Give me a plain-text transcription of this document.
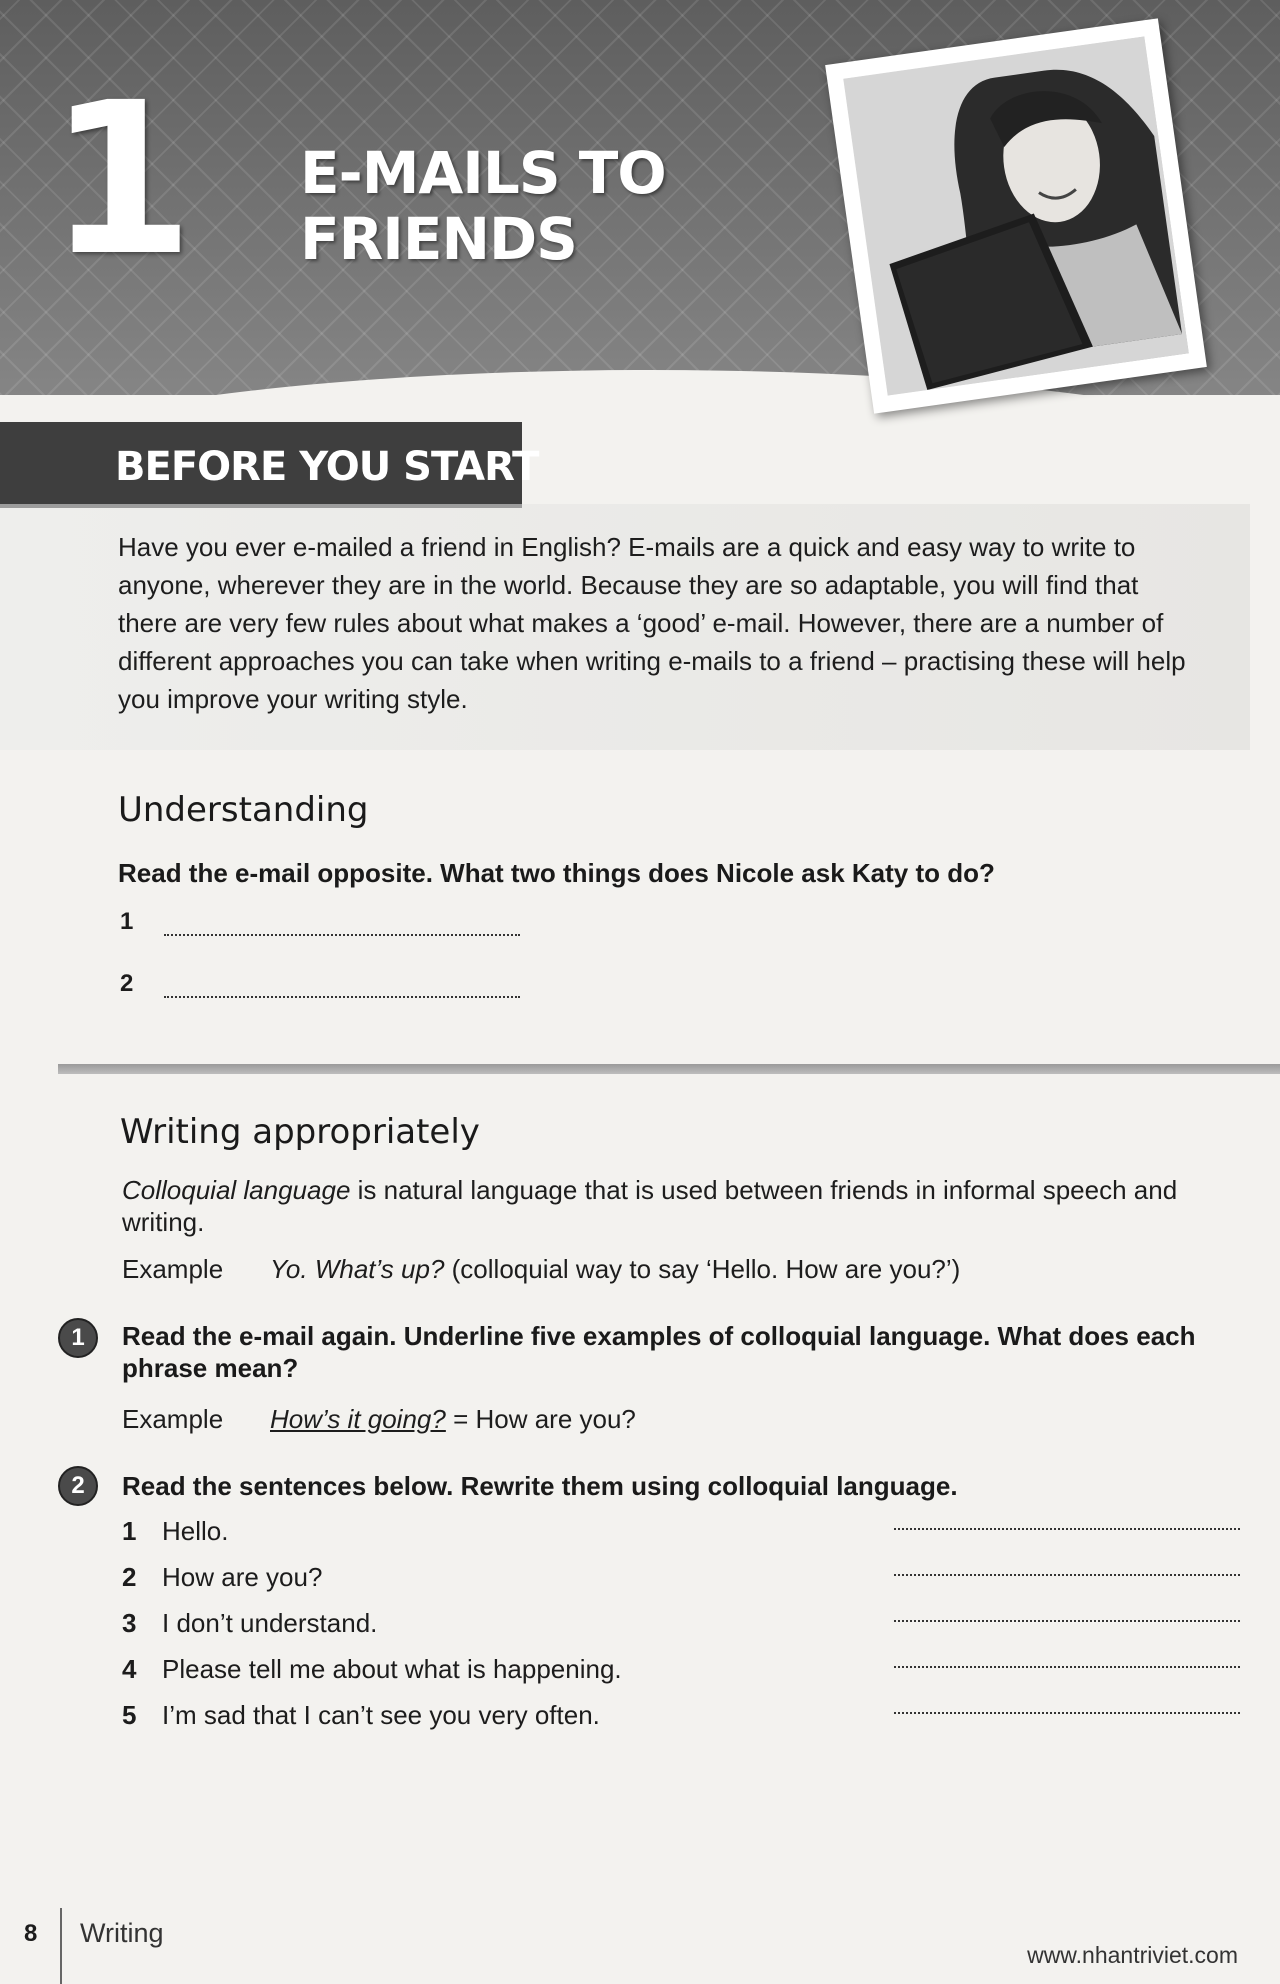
1 E-MAILS TO
FRIENDS
BEFORE YOU START

Have you ever e-mailed a friend in English? E-mails are a quick and easy way to write to anyone, wherever they are in the world. Because they are so adaptable, you will find that there are very few rules about what makes a ‘good’ e-mail. However, there are a number of different approaches you can take when writing e-mails to a friend – practising these will help you improve your writing style.

Understanding
Read the e-mail opposite. What two things does Nicole ask Katy to do?
1
2
Writing appropriately

Colloquial language is natural language that is used between friends in informal speech and writing.

Example Yo. What’s up? (colloquial way to say ‘Hello. How are you?’)
1	Read the e-mail again. Underline five examples of colloquial language. What does each phrase mean?

Example How’s it going? = How are you?
2	Read the sentences below. Rewrite them using colloquial language.
1 Hello.
2 How are you?
3 I don’t understand.
4 Please tell me about what is happening.
5 I’m sad that I can’t see you very often.
8 Writing
www.nhantriviet.com
